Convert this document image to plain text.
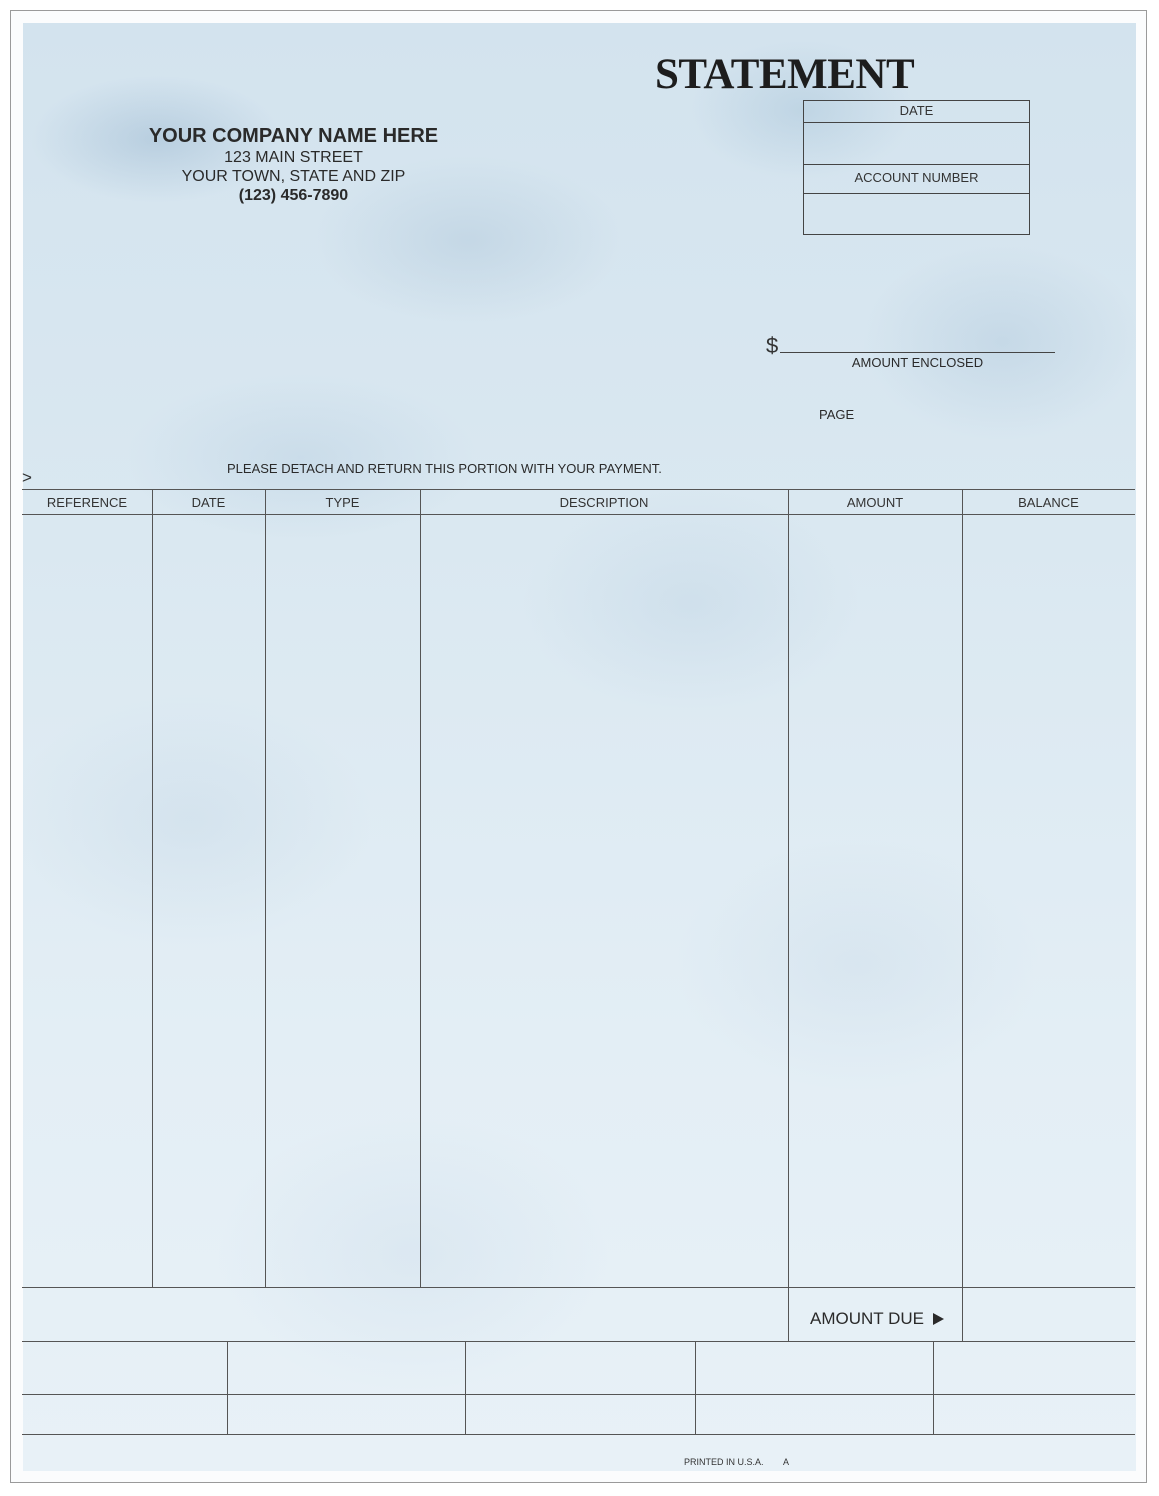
STATEMENT
YOUR COMPANY NAME HERE
123 MAIN STREET
YOUR TOWN, STATE AND ZIP
(123) 456-7890
DATE
ACCOUNT NUMBER
$
AMOUNT ENCLOSED
PAGE
PLEASE DETACH AND RETURN THIS PORTION WITH YOUR PAYMENT.
>
REFERENCE	DATE	TYPE	DESCRIPTION	AMOUNT	BALANCE
AMOUNT DUE
PRINTED IN U.S.A. A
